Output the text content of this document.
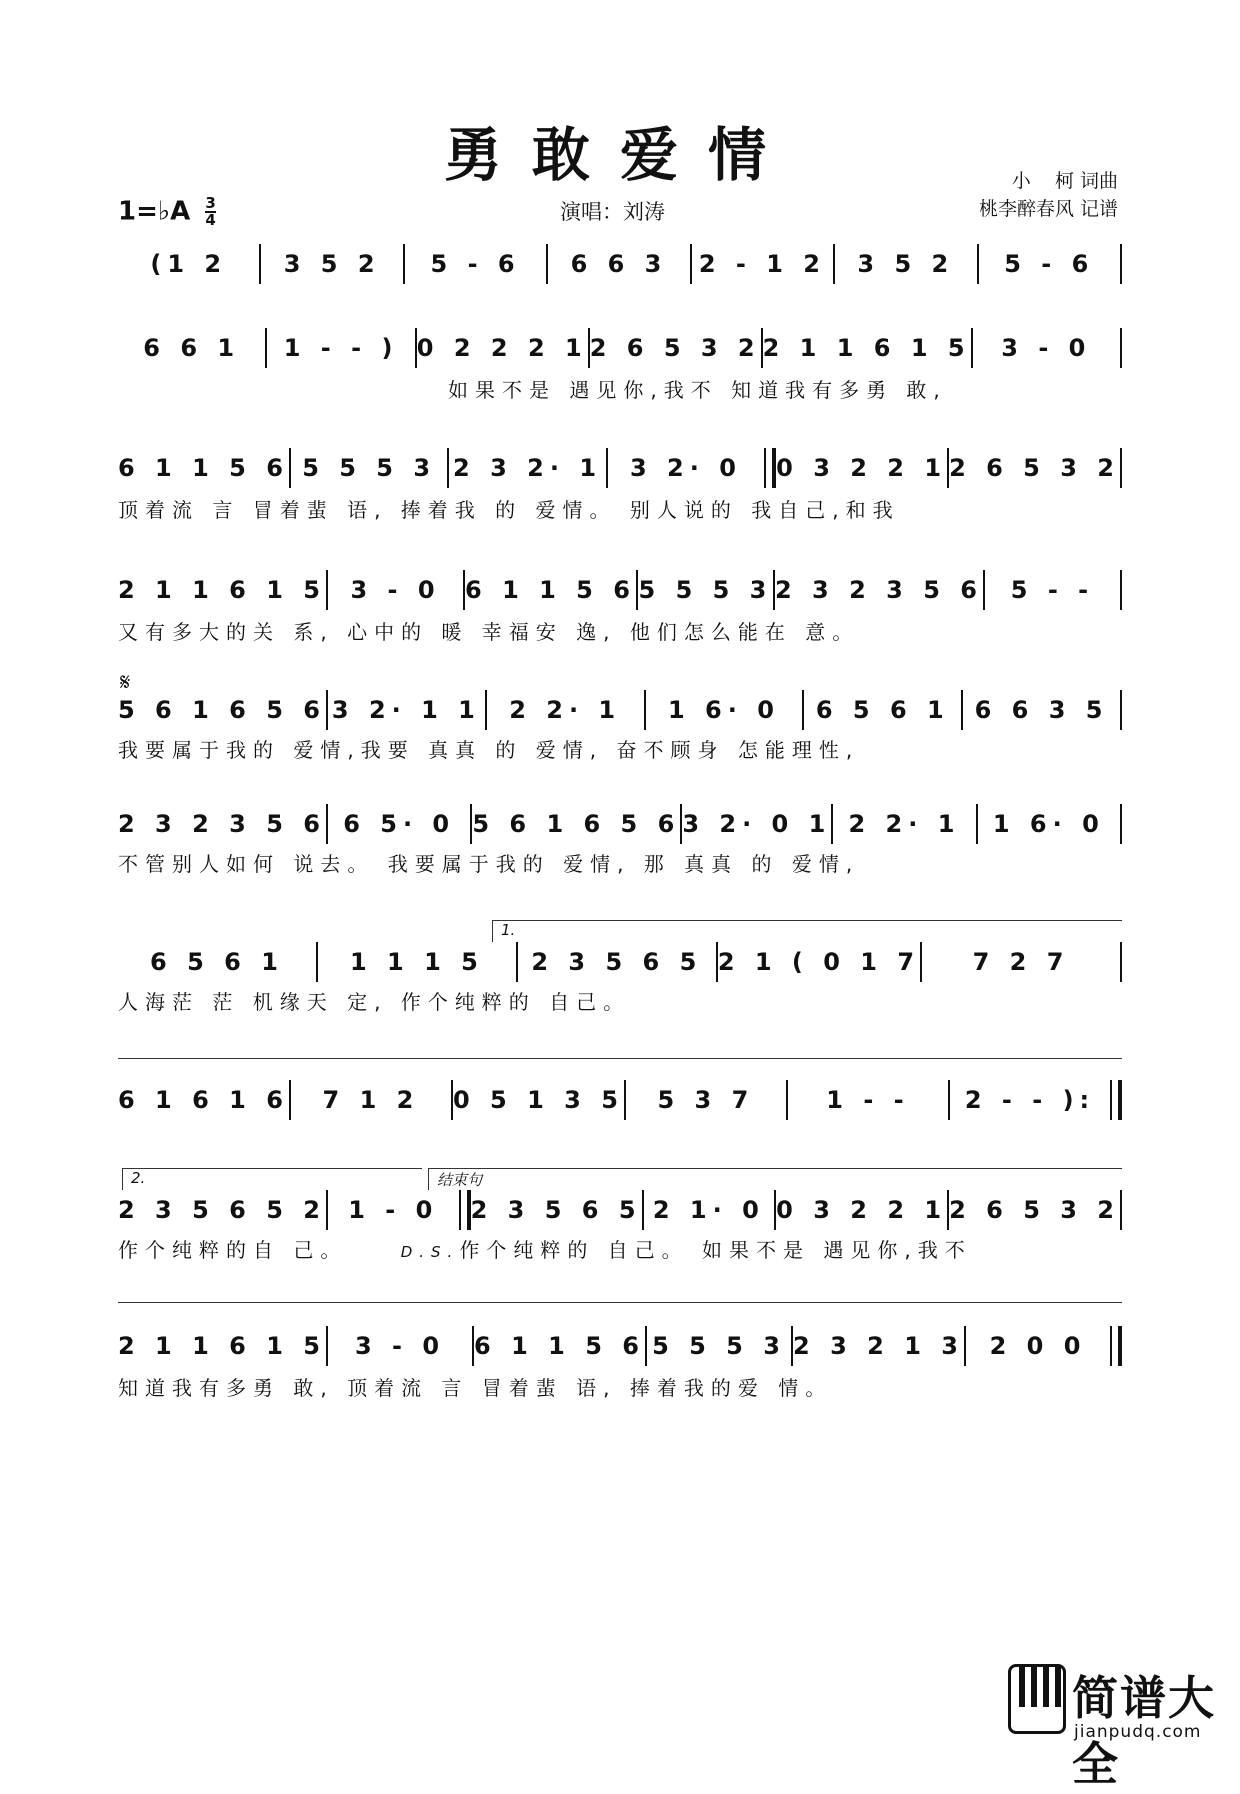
勇敢爱情	小    柯 词曲
桃李醉春风 记谱
演唱：刘涛
1=♭A $\frac{3}{4}$
(1 2	3 5 2	5 - 6	6 6 3	2 - 1 2	3 5 2	5 - 6
6 6 1	1 - - ) 0 2 2 2 1 2 6 5 3 2 2 1 1 6 1 5	3 - 0
如果不是 遇见你,我不 知道我有多勇 敢,
6 1 1 5 6 5 5 5 3 2 3 2· 1	3 2· 0	0 3 2 2 1 2 6 5 3 2
顶着流 言 冒着蜚 语, 捧着我 的 爱情。 别人说的 我自己,和我
2 1 1 6 1 5	3 - 0	6 1 1 5 6 5 5 5 3 2 3 2 3 5 6	5 - -
又有多大的关 系, 心中的 暖 幸福安 逸, 他们怎么能在 意。
𝄋
5 6 1 6 5 6 3 2· 1 1	2 2· 1	1 6· 0	6 5 6 1	6 6 3 5
我要属于我的 爱情,我要 真真 的 爱情, 奋不顾身 怎能理性,
2 3 2 3 5 6 6 5· 0 5 6 1 6 5 6 3 2· 0 1 2 2· 1	1 6· 0
不管别人如何 说去。 我要属于我的 爱情, 那 真真 的 爱情,
1.
6 5 6 1	1 1 1 5	2 3 5 6 5 2 1 ( 0 1 7	7 2 7
人海茫 茫 机缘天 定, 作个纯粹的 自己。
6 1 6 1 6	7 1 2	0 5 1 3 5	5 3 7	1 - -	2 - - ):
2.	结束句
2 3 5 6 5 2 1 - 0	2 3 5 6 5 2 1· 0 0 3 2 2 1 2 6 5 3 2
作个纯粹的自 己。	D.S.作个纯粹的 自己。 如果不是 遇见你,我不
2 1 1 6 1 5	3 - 0	6 1 1 5 6 5 5 5 3 2 3 2 1 3	2 0 0
知道我有多勇 敢, 顶着流 言 冒着蜚 语, 捧着我的爱 情。
简谱大全
jianpudq.com
